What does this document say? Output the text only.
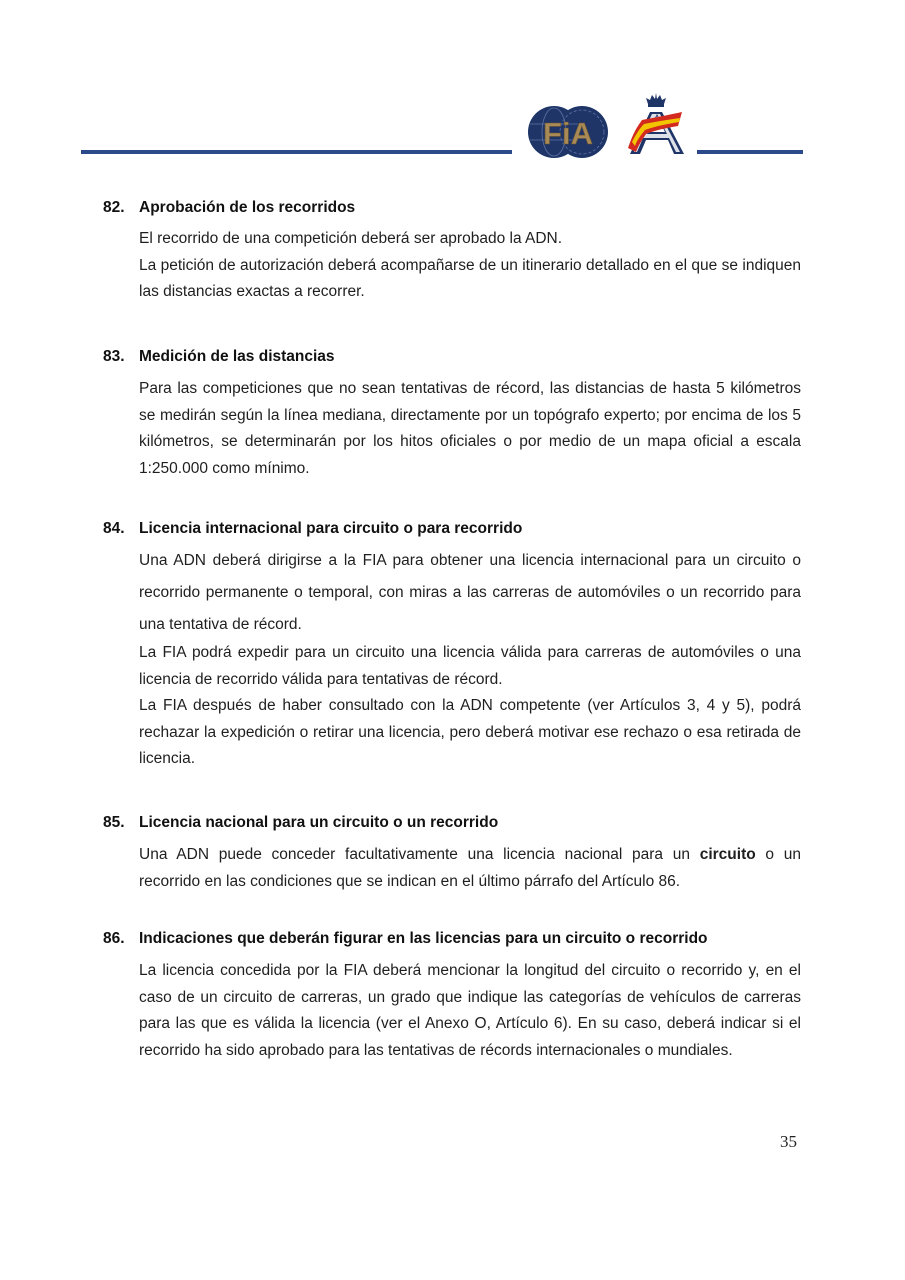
FiA
82. Aprobación de los recorridos

El recorrido de una competición deberá ser aprobado la ADN.

La petición de autorización deberá acompañarse de un itinerario detallado en el que se indiquen las distancias exactas a recorrer.

83. Medición de las distancias

Para las competiciones que no sean tentativas de récord, las distancias de hasta 5 kilómetros se medirán según la línea mediana, directamente por un topógrafo experto; por encima de los 5 kilómetros, se determinarán por los hitos oficiales o por medio de un mapa oficial a escala 1:250.000 como mínimo.

84. Licencia internacional para circuito o para recorrido

Una ADN deberá dirigirse a la FIA para obtener una licencia internacional para un circuito o recorrido permanente o temporal, con miras a las carreras de automóviles o un recorrido para una tentativa de récord.

La FIA podrá expedir para un circuito una licencia válida para carreras de automóviles o una licencia de recorrido válida para tentativas de récord.

La FIA después de haber consultado con la ADN competente (ver Artículos 3, 4 y 5), podrá rechazar la expedición o retirar una licencia, pero deberá motivar ese rechazo o esa retirada de licencia.

85. Licencia nacional para un circuito o un recorrido

Una ADN puede conceder facultativamente una licencia nacional para un circuito o un recorrido en las condiciones que se indican en el último párrafo del Artículo 86.

86. Indicaciones que deberán figurar en las licencias para un circuito o recorrido

La licencia concedida por la FIA deberá mencionar la longitud del circuito o recorrido y, en el caso de un circuito de carreras, un grado que indique las categorías de vehículos de carreras para las que es válida la licencia (ver el Anexo O, Artículo 6). En su caso, deberá indicar si el recorrido ha sido aprobado para las tentativas de récords internacionales o mundiales.

35
